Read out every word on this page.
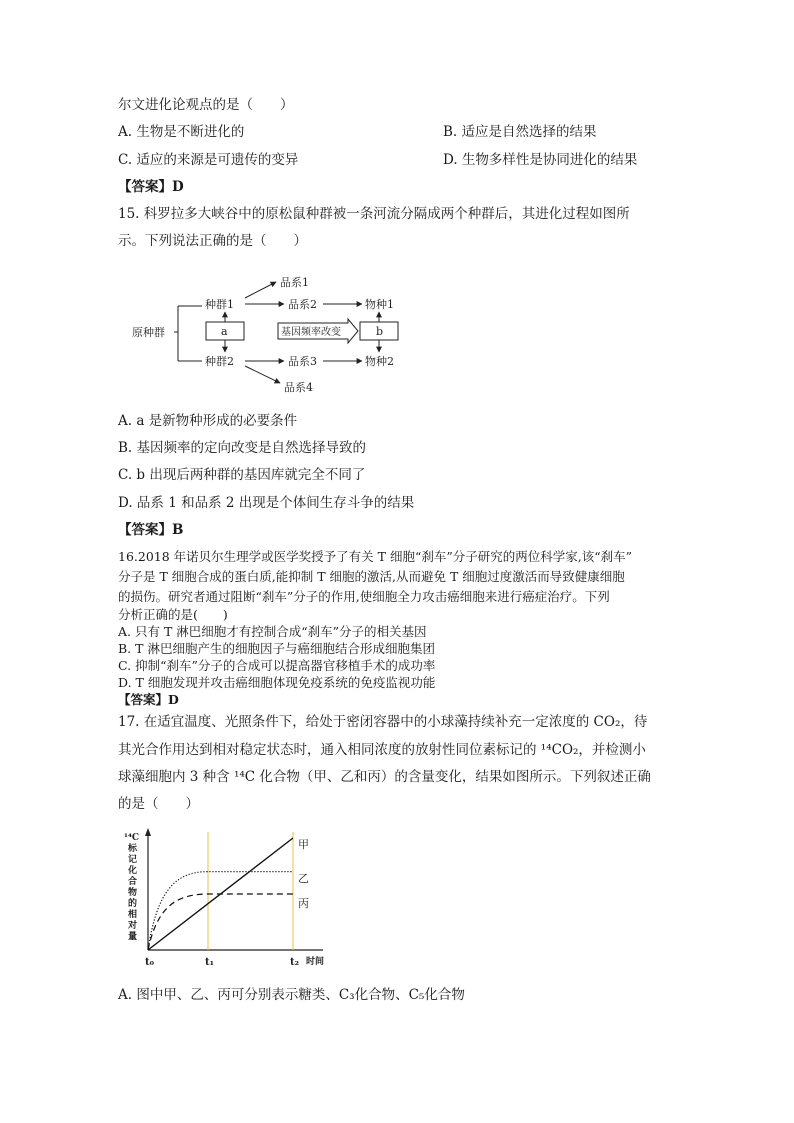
尔文进化论观点的是（　　）
A. 生物是不断进化的	B. 适应是自然选择的结果
C. 适应的来源是可遗传的变异	D. 生物多样性是协同进化的结果
【答案】D
15. 科罗拉多大峡谷中的原松鼠种群被一条河流分隔成两个种群后，其进化过程如图所
示。下列说法正确的是（　　）
原种群
种群1
种群2
品系1
品系2
品系3
品系4
物种1
物种2
a	基因频率改变	b
A. a 是新物种形成的必要条件
B. 基因频率的定向改变是自然选择导致的
C. b 出现后两种群的基因库就完全不同了
D. 品系 1 和品系 2 出现是个体间生存斗争的结果
【答案】B
16.2018 年诺贝尔生理学或医学奖授予了有关 T 细胞“刹车”分子研究的两位科学家,该“刹车”
分子是 T 细胞合成的蛋白质,能抑制 T 细胞的激活,从而避免 T 细胞过度激活而导致健康细胞
的损伤。研究者通过阻断“刹车”分子的作用,使细胞全力攻击癌细胞来进行癌症治疗。下列
分析正确的是(　　)
A. 只有 T 淋巴细胞才有控制合成“刹车”分子的相关基因
B. T 淋巴细胞产生的细胞因子与癌细胞结合形成细胞集团
C. 抑制“刹车”分子的合成可以提高器官移植手术的成功率
D. T 细胞发现并攻击癌细胞体现免疫系统的免疫监视功能
【答案】D
17. 在适宜温度、光照条件下，给处于密闭容器中的小球藻持续补充一定浓度的 CO₂，待
其光合作用达到相对稳定状态时，通入相同浓度的放射性同位素标记的 ¹⁴CO₂，并检测小
球藻细胞内 3 种含 ¹⁴C 化合物（甲、乙和丙）的含量变化，结果如图所示。下列叙述正确
的是（　　）
¹⁴C
标
记
化
合
物
的
相
对
量
t₀	t₁	t₂ 时间
甲
乙
丙
A. 图中甲、乙、丙可分别表示糖类、C₃化合物、C₅化合物
